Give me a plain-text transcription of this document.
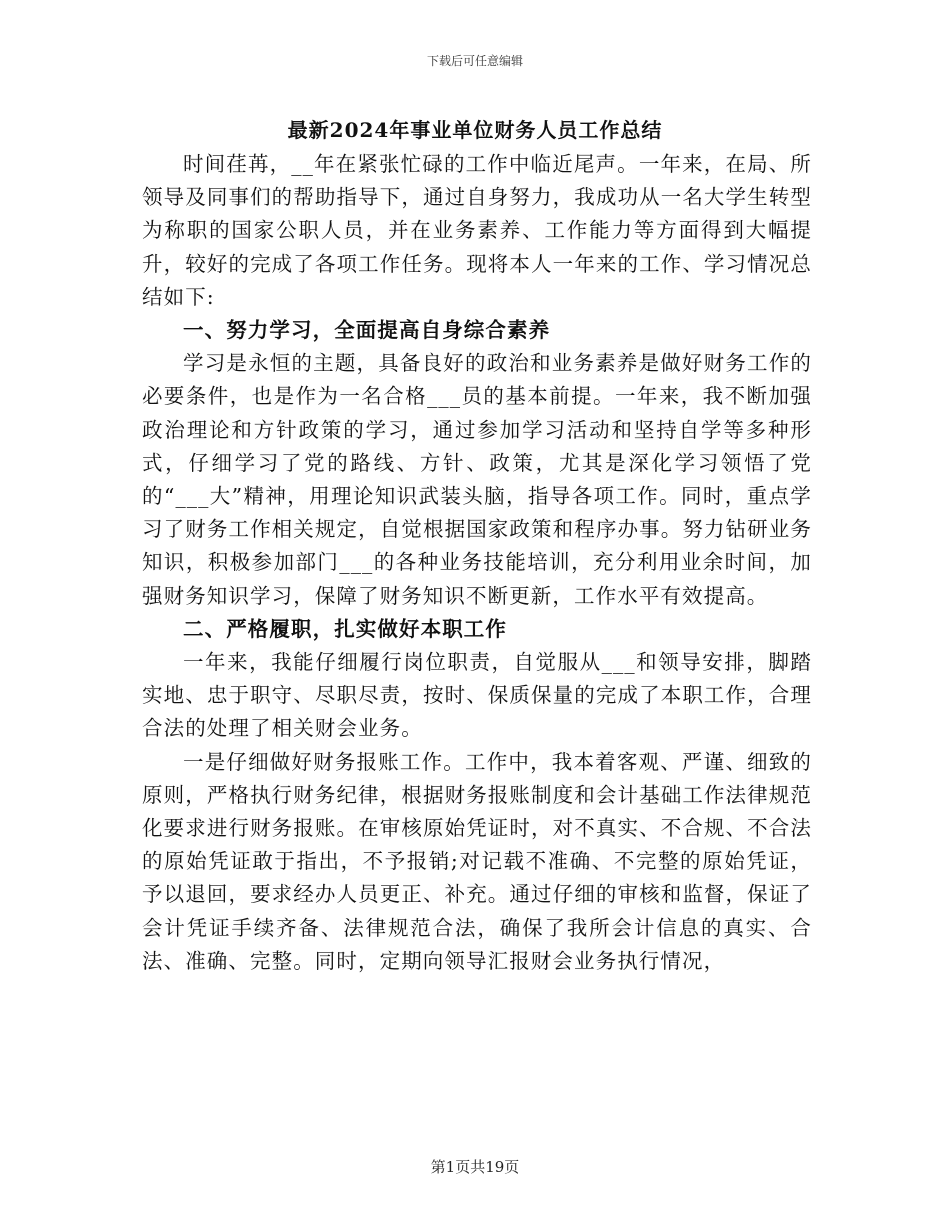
下载后可任意编辑
最新2024年事业单位财务人员工作总结

时间荏苒，__年在紧张忙碌的工作中临近尾声。一年来，在局、所领导及同事们的帮助指导下，通过自身努力，我成功从一名大学生转型为称职的国家公职人员，并在业务素养、工作能力等方面得到大幅提升，较好的完成了各项工作任务。现将本人一年来的工作、学习情况总结如下:

一、努力学习，全面提高自身综合素养

学习是永恒的主题，具备良好的政治和业务素养是做好财务工作的必要条件，也是作为一名合格___员的基本前提。一年来，我不断加强政治理论和方针政策的学习，通过参加学习活动和坚持自学等多种形式，仔细学习了党的路线、方针、政策，尤其是深化学习领悟了党的“___大”精神，用理论知识武装头脑，指导各项工作。同时，重点学习了财务工作相关规定，自觉根据国家政策和程序办事。努力钻研业务知识，积极参加部门___的各种业务技能培训，充分利用业余时间，加强财务知识学习，保障了财务知识不断更新，工作水平有效提高。

二、严格履职，扎实做好本职工作

一年来，我能仔细履行岗位职责，自觉服从___和领导安排，脚踏实地、忠于职守、尽职尽责，按时、保质保量的完成了本职工作，合理合法的处理了相关财会业务。

一是仔细做好财务报账工作。工作中，我本着客观、严谨、细致的原则，严格执行财务纪律，根据财务报账制度和会计基础工作法律规范化要求进行财务报账。在审核原始凭证时，对不真实、不合规、不合法的原始凭证敢于指出，不予报销;对记载不准确、不完整的原始凭证，予以退回，要求经办人员更正、补充。通过仔细的审核和监督，保证了会计凭证手续齐备、法律规范合法，确保了我所会计信息的真实、合法、准确、完整。同时，定期向领导汇报财会业务执行情况，

第1页共19页
